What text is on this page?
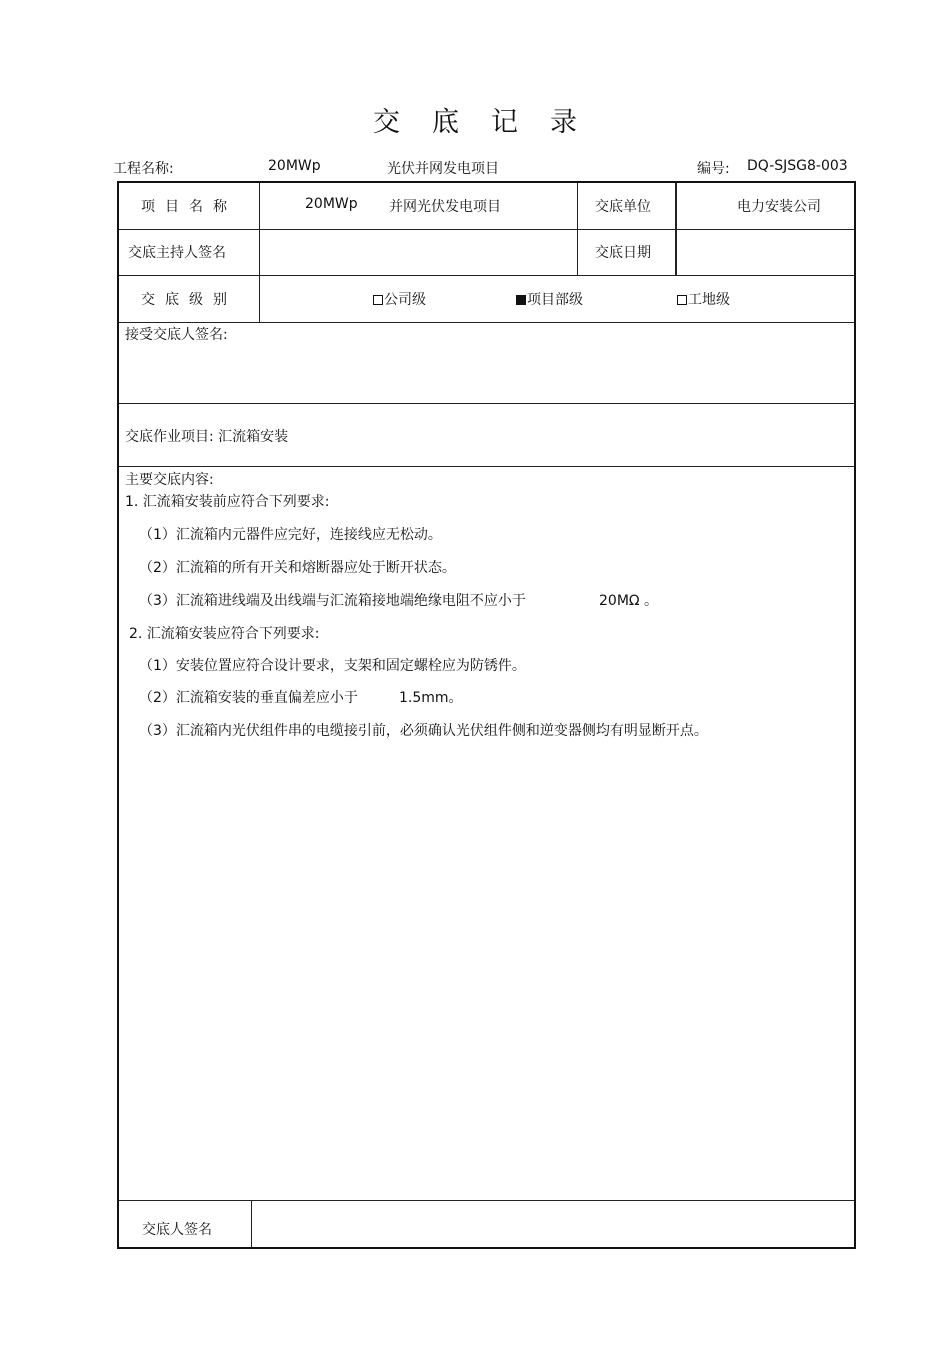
交 底 记 录
工程名称:	20MWp	光伏并网发电项目	编号: DQ-SJSG8-003
项目名称	20MWp 并网光伏发电项目	交底单位	电力安装公司
交底主持人签名	交底日期
交底级别	公司级	项目部级	工地级
接受交底人签名:
交底作业项目: 汇流箱安装
主要交底内容:
1. 汇流箱安装前应符合下列要求:
（1）汇流箱内元器件应完好，连接线应无松动。
（2）汇流箱的所有开关和熔断器应处于断开状态。
（3）汇流箱进线端及出线端与汇流箱接地端绝缘电阻不应小于	20MΩ 。
2. 汇流箱安装应符合下列要求:
（1）安装位置应符合设计要求，支架和固定螺栓应为防锈件。
（2）汇流箱安装的垂直偏差应小于	1.5mm。
（3）汇流箱内光伏组件串的电缆接引前，必须确认光伏组件侧和逆变器侧均有明显断开点。
交底人签名
